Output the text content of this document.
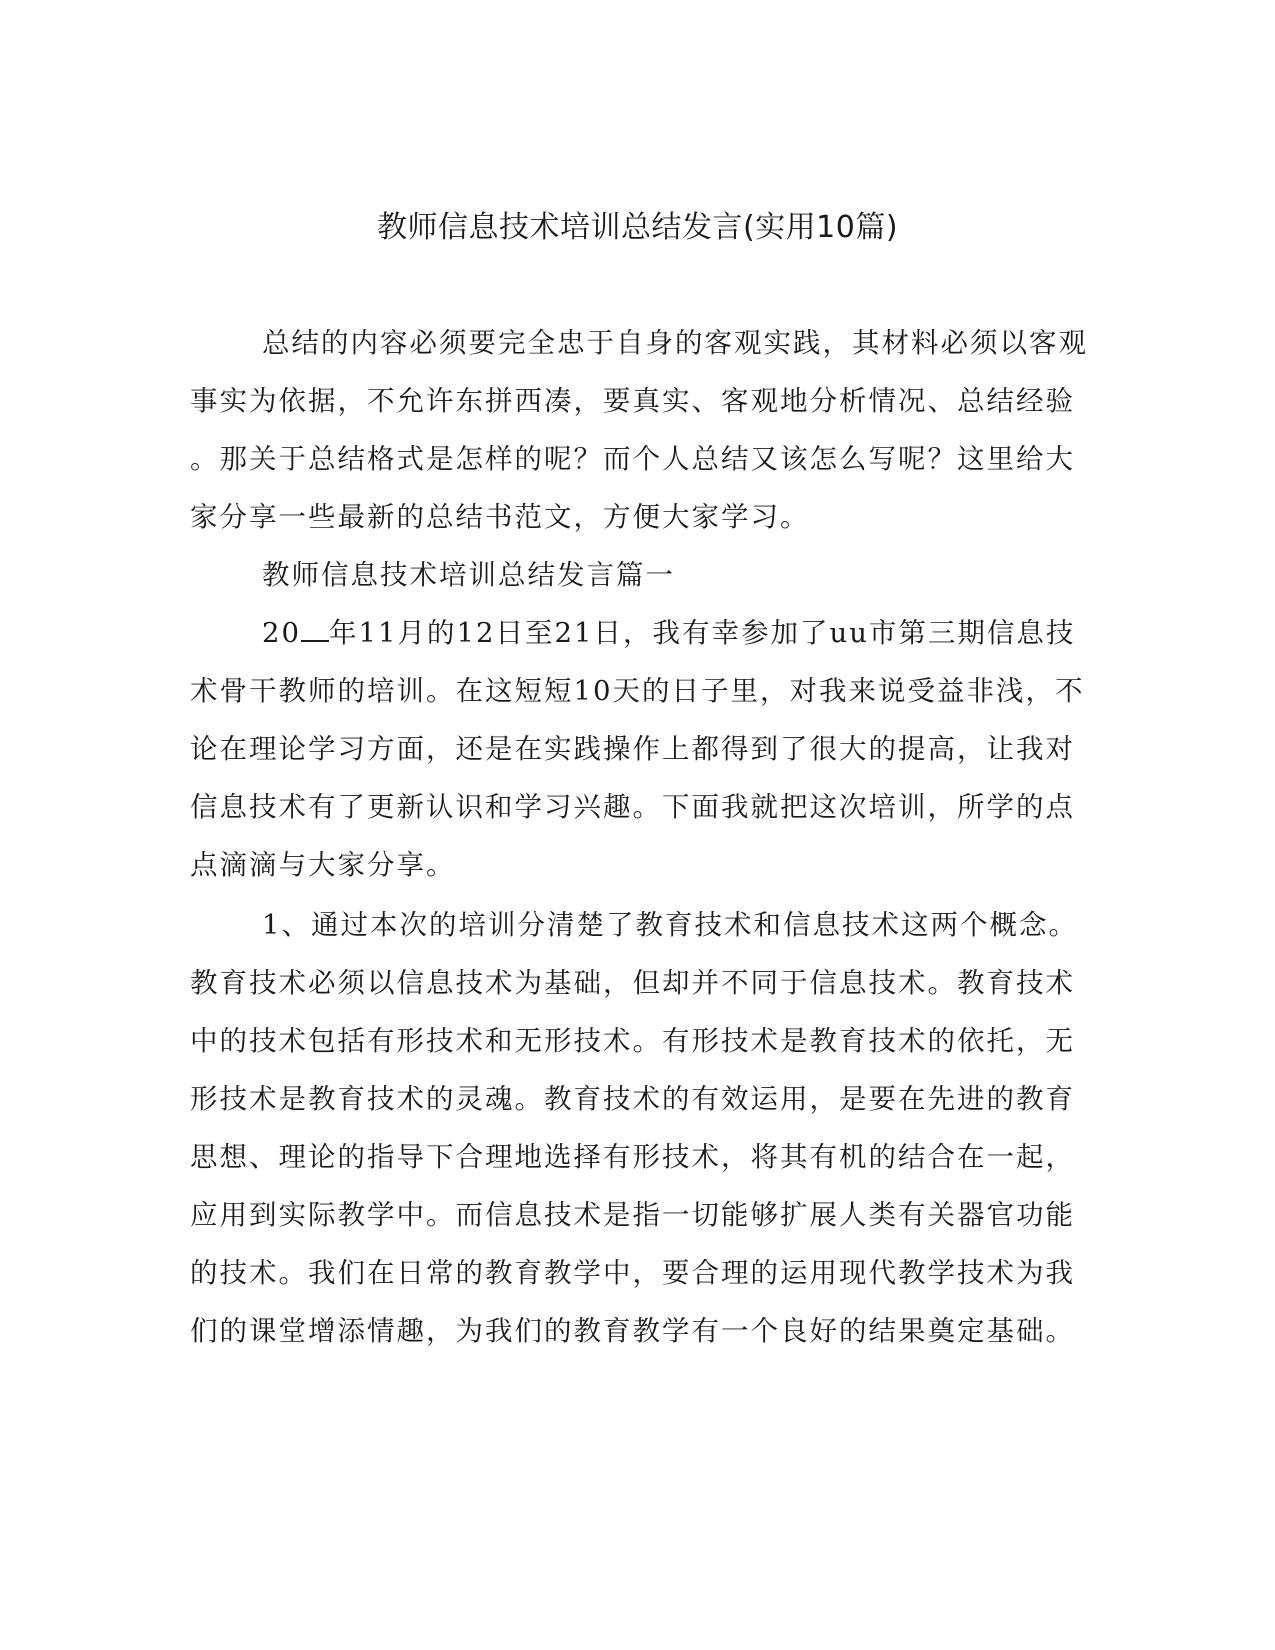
教师信息技术培训总结发言(实用10篇)

总结的内容必须要完全忠于自身的客观实践，其材料必须以客观

事实为依据，不允许东拼西凑，要真实、客观地分析情况、总结经验

。那关于总结格式是怎样的呢？而个人总结又该怎么写呢？这里给大

家分享一些最新的总结书范文，方便大家学习。

教师信息技术培训总结发言篇一

20 年11月的12日至21日，我有幸参加了uu市第三期信息技

术骨干教师的培训。在这短短10天的日子里，对我来说受益非浅，不

论在理论学习方面，还是在实践操作上都得到了很大的提高，让我对

信息技术有了更新认识和学习兴趣。下面我就把这次培训，所学的点

点滴滴与大家分享。

1、通过本次的培训分清楚了教育技术和信息技术这两个概念。

教育技术必须以信息技术为基础，但却并不同于信息技术。教育技术

中的技术包括有形技术和无形技术。有形技术是教育技术的依托，无

形技术是教育技术的灵魂。教育技术的有效运用，是要在先进的教育

思想、理论的指导下合理地选择有形技术，将其有机的结合在一起，

应用到实际教学中。而信息技术是指一切能够扩展人类有关器官功能

的技术。我们在日常的教育教学中，要合理的运用现代教学技术为我

们的课堂增添情趣，为我们的教育教学有一个良好的结果奠定基础。
